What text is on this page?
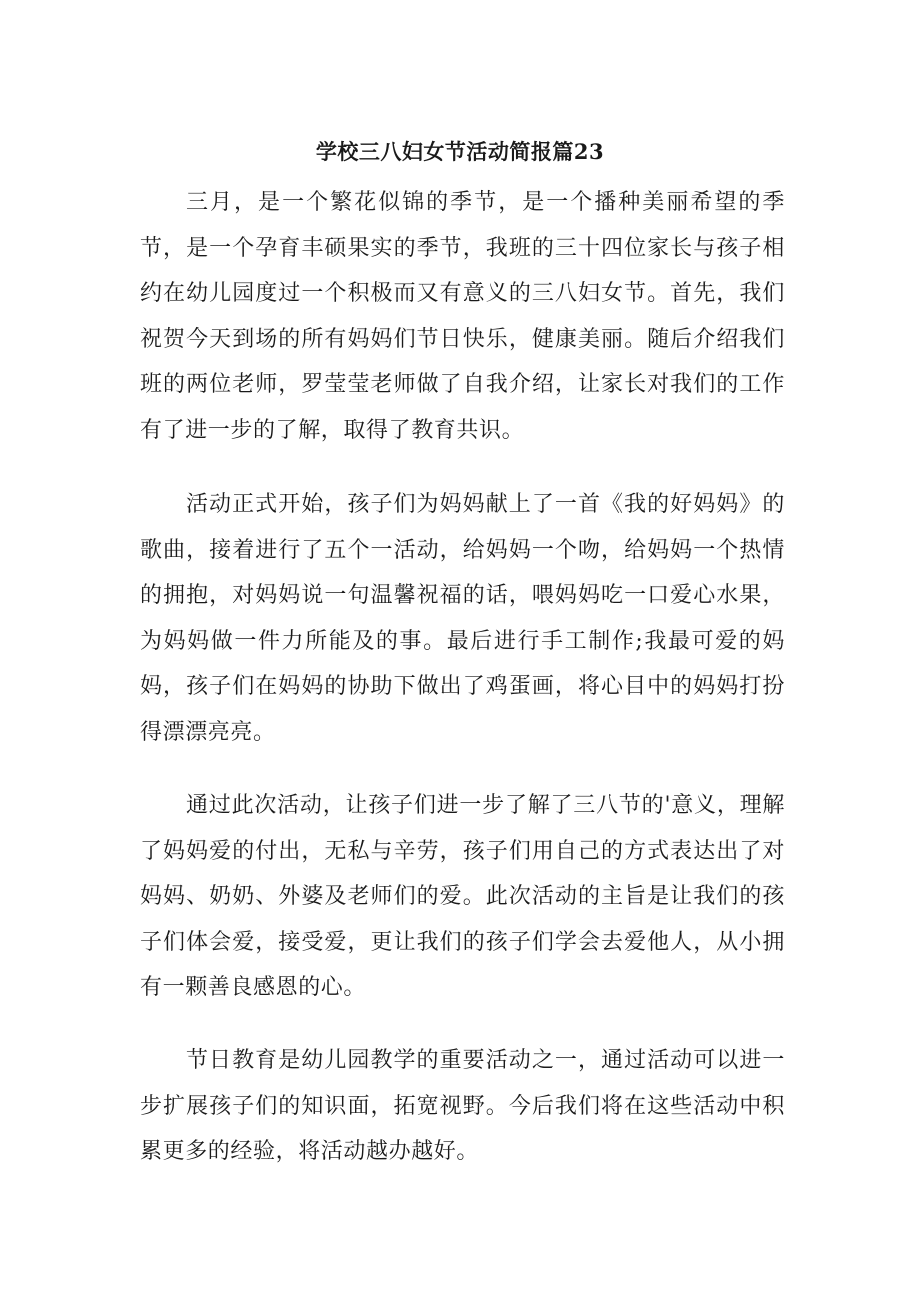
学校三八妇女节活动简报篇23

三月，是一个繁花似锦的季节，是一个播种美丽希望的季节，是一个孕育丰硕果实的季节，我班的三十四位家长与孩子相约在幼儿园度过一个积极而又有意义的三八妇女节。首先，我们祝贺今天到场的所有妈妈们节日快乐，健康美丽。随后介绍我们班的两位老师，罗莹莹老师做了自我介绍，让家长对我们的工作有了进一步的了解，取得了教育共识。

活动正式开始，孩子们为妈妈献上了一首《我的好妈妈》的歌曲，接着进行了五个一活动，给妈妈一个吻，给妈妈一个热情的拥抱，对妈妈说一句温馨祝福的话，喂妈妈吃一口爱心水果，为妈妈做一件力所能及的事。最后进行手工制作;我最可爱的妈妈，孩子们在妈妈的协助下做出了鸡蛋画，将心目中的妈妈打扮得漂漂亮亮。

通过此次活动，让孩子们进一步了解了三八节的'意义，理解了妈妈爱的付出，无私与辛劳，孩子们用自己的方式表达出了对妈妈、奶奶、外婆及老师们的爱。此次活动的主旨是让我们的孩子们体会爱，接受爱，更让我们的孩子们学会去爱他人，从小拥有一颗善良感恩的心。

节日教育是幼儿园教学的重要活动之一，通过活动可以进一步扩展孩子们的知识面，拓宽视野。今后我们将在这些活动中积累更多的经验，将活动越办越好。
